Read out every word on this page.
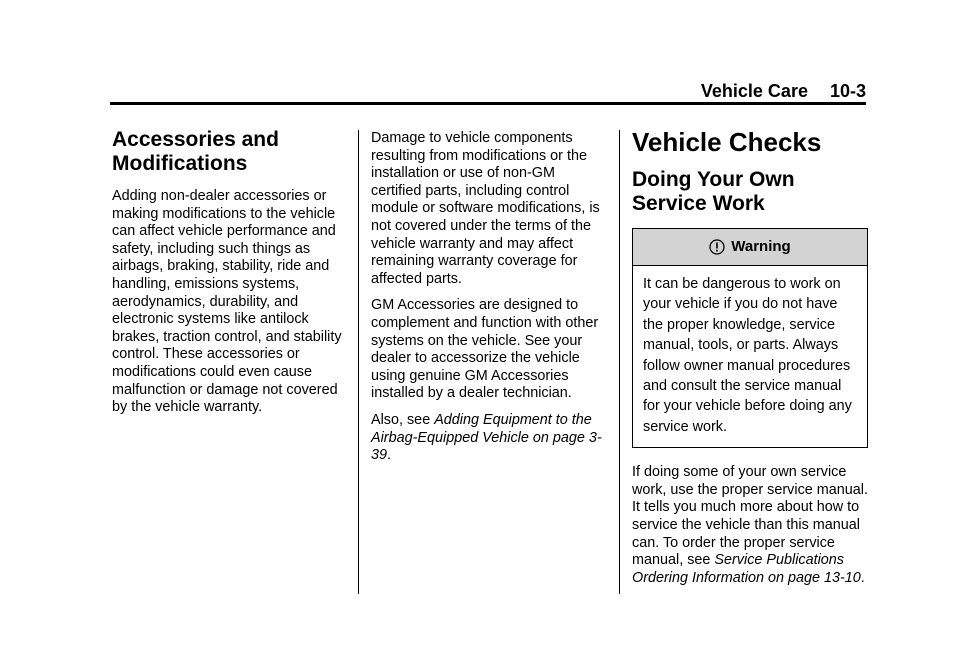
Vehicle Care 10-3
Accessories and
Modifications

Adding non-dealer accessories or making modifications to the vehicle can affect vehicle performance and safety, including such things as airbags, braking, stability, ride and handling, emissions systems, aerodynamics, durability, and electronic systems like antilock brakes, traction control, and stability control. These accessories or modifications could even cause malfunction or damage not covered by the vehicle warranty.

Damage to vehicle components resulting from modifications or the installation or use of non-GM certified parts, including control module or software modifications, is not covered under the terms of the vehicle warranty and may affect remaining warranty coverage for affected parts.

GM Accessories are designed to complement and function with other systems on the vehicle. See your dealer to accessorize the vehicle using genuine GM Accessories installed by a dealer technician.

Also, see Adding Equipment to the Airbag-Equipped Vehicle on page 3-39.

Vehicle Checks
Doing Your Own
Service Work
Warning
It can be dangerous to work on your vehicle if you do not have the proper knowledge, service manual, tools, or parts. Always follow owner manual procedures and consult the service manual for your vehicle before doing any service work.

If doing some of your own service work, use the proper service manual. It tells you much more about how to service the vehicle than this manual can. To order the proper service manual, see Service Publications Ordering Information on page 13-10.
